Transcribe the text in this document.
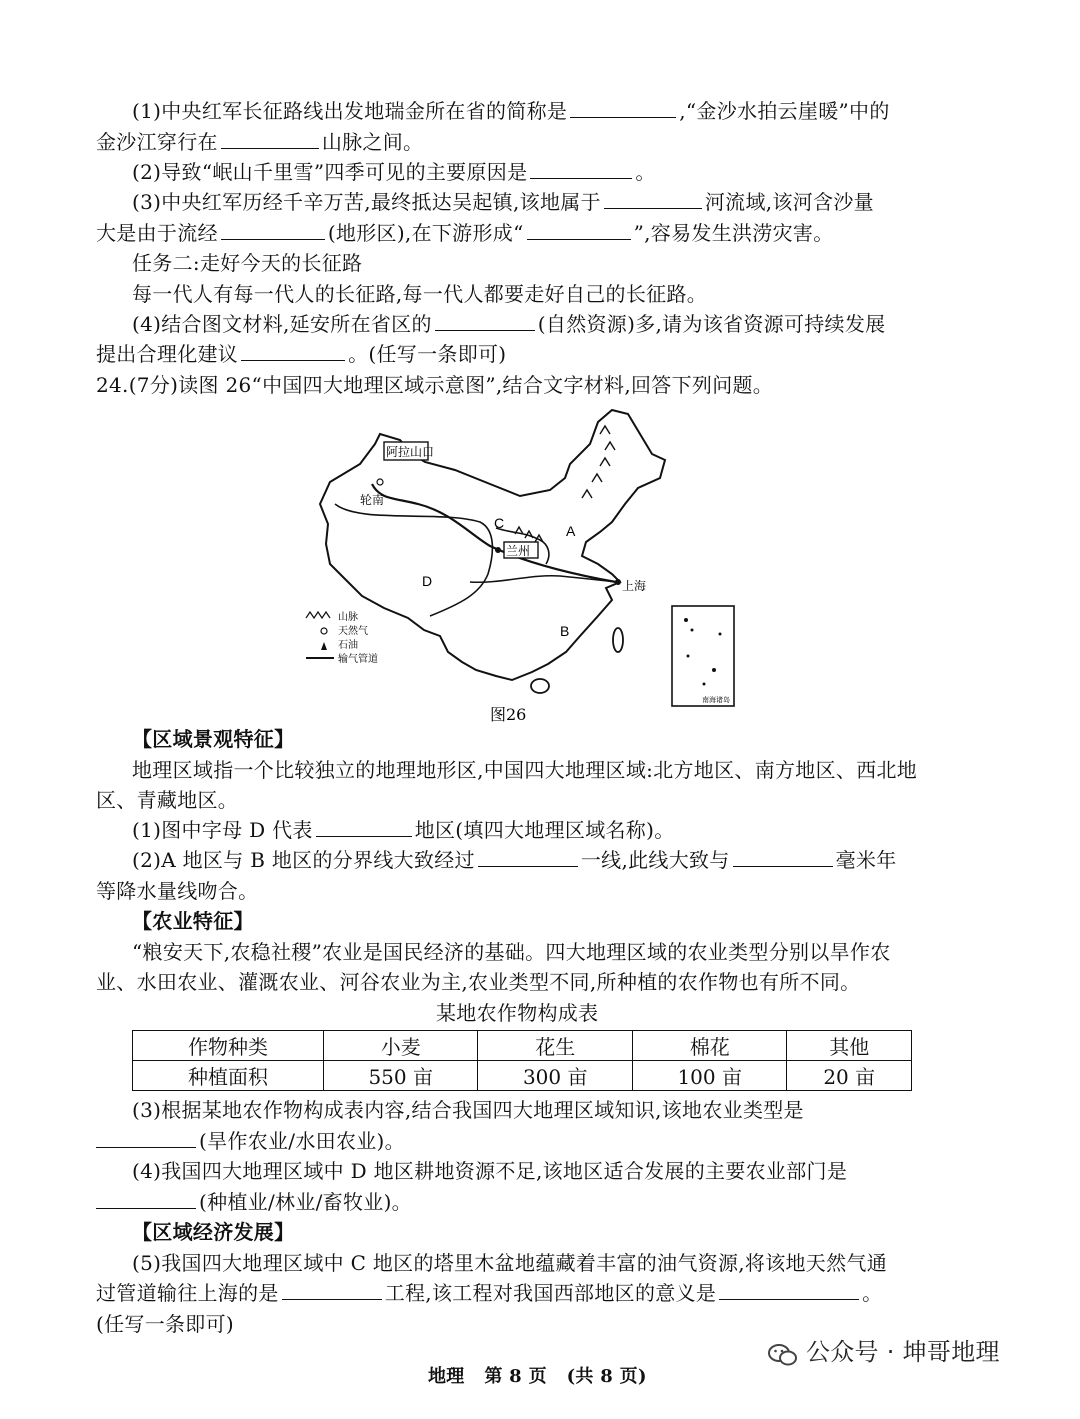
(1)中央红军长征路线出发地瑞金所在省的简称是	,“金沙水拍云崖暖”中的
金沙江穿行在	山脉之间。
(2)导致“岷山千里雪”四季可见的主要原因是	。
(3)中央红军历经千辛万苦,最终抵达吴起镇,该地属于	河流域,该河含沙量
大是由于流经	(地形区),在下游形成“	”,容易发生洪涝灾害。
任务二:走好今天的长征路
每一代人有每一代人的长征路,每一代人都要走好自己的长征路。
(4)结合图文材料,延安所在省区的	(自然资源)多,请为该省资源可持续发展
提出合理化建议	。(任写一条即可)
24.(7分)读图 26“中国四大地理区域示意图”,结合文字材料,回答下列问题。
A
B
C
D
阿拉山口
轮南
兰州
上海
山脉
天然气
石油
输气管道
南海诸岛
图26
【区域景观特征】
地理区域指一个比较独立的地理地形区,中国四大地理区域:北方地区、南方地区、西北地
区、青藏地区。
(1)图中字母 D 代表	地区(填四大地理区域名称)。
(2)A 地区与 B 地区的分界线大致经过	一线,此线大致与	毫米年
等降水量线吻合。
【农业特征】
“粮安天下,农稳社稷”农业是国民经济的基础。四大地理区域的农业类型分别以旱作农
业、水田农业、灌溉农业、河谷农业为主,农业类型不同,所种植的农作物也有所不同。
某地农作物构成表
作物种类	小麦	花生	棉花	其他
种植面积	550 亩	300 亩	100 亩	20 亩
(3)根据某地农作物构成表内容,结合我国四大地理区域知识,该地农业类型是
(旱作农业/水田农业)。
(4)我国四大地理区域中 D 地区耕地资源不足,该地区适合发展的主要农业部门是
(种植业/林业/畜牧业)。
【区域经济发展】
(5)我国四大地理区域中 C 地区的塔里木盆地蕴藏着丰富的油气资源,将该地天然气通
过管道输往上海的是	工程,该工程对我国西部地区的意义是	。
(任写一条即可)
地理 第 8 页 (共 8 页)
公众号 · 坤哥地理
